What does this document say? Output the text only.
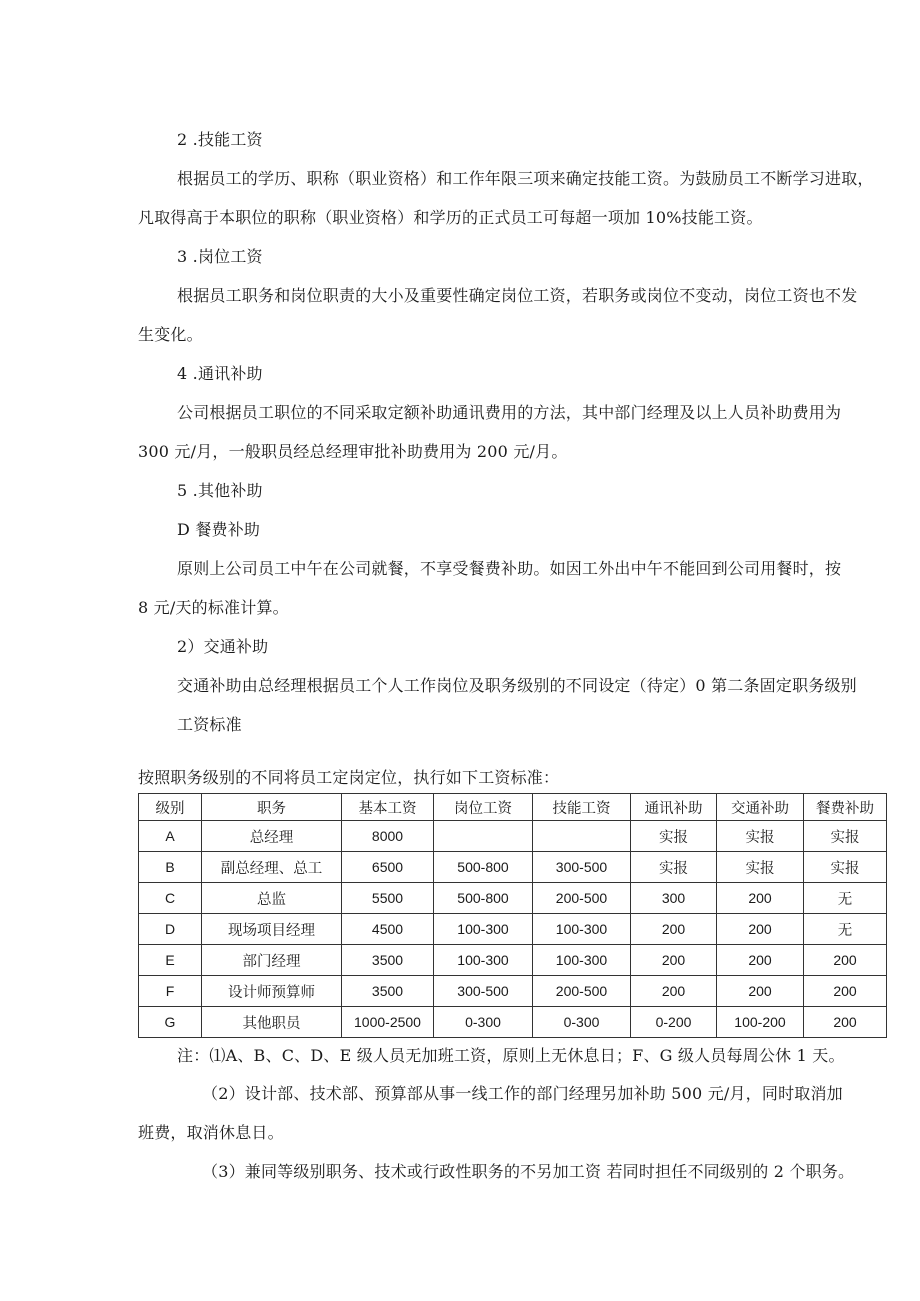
2 .技能工资
根据员工的学历、职称（职业资格）和工作年限三项来确定技能工资。为鼓励员工不断学习进取，
凡取得高于本职位的职称（职业资格）和学历的正式员工可每超一项加 10%技能工资。
3 .岗位工资
根据员工职务和岗位职责的大小及重要性确定岗位工资，若职务或岗位不变动，岗位工资也不发
生变化。
4 .通讯补助
公司根据员工职位的不同采取定额补助通讯费用的方法，其中部门经理及以上人员补助费用为
300 元/月，一般职员经总经理审批补助费用为 200 元/月。
5 .其他补助
D 餐费补助
原则上公司员工中午在公司就餐，不享受餐费补助。如因工外出中午不能回到公司用餐时，按
8 元/天的标准计算。
2）交通补助
交通补助由总经理根据员工个人工作岗位及职务级别的不同设定（待定）0 第二条固定职务级别
工资标准
按照职务级别的不同将员工定岗定位，执行如下工资标准：
级别	职务	基本工资	岗位工资	技能工资	通讯补助	交通补助	餐费补助
A	总经理	8000			实报	实报	实报
B	副总经理、总工	6500	500-800	300-500	实报	实报	实报
C	总监	5500	500-800	200-500	300	200	无
D	现场项目经理	4500	100-300	100-300	200	200	无
E	部门经理	3500	100-300	100-300	200	200	200
F	设计师预算师	3500	300-500	200-500	200	200	200
G	其他职员	1000-2500	0-300	0-300	0-200	100-200	200
注：⑴A、B、C、D、E 级人员无加班工资，原则上无休息日；F、G 级人员每周公休 1 天。
（2）设计部、技术部、预算部从事一线工作的部门经理另加补助 500 元/月，同时取消加
班费，取消休息日。
（3）兼同等级别职务、技术或行政性职务的不另加工资 若同时担任不同级别的 2 个职务。
